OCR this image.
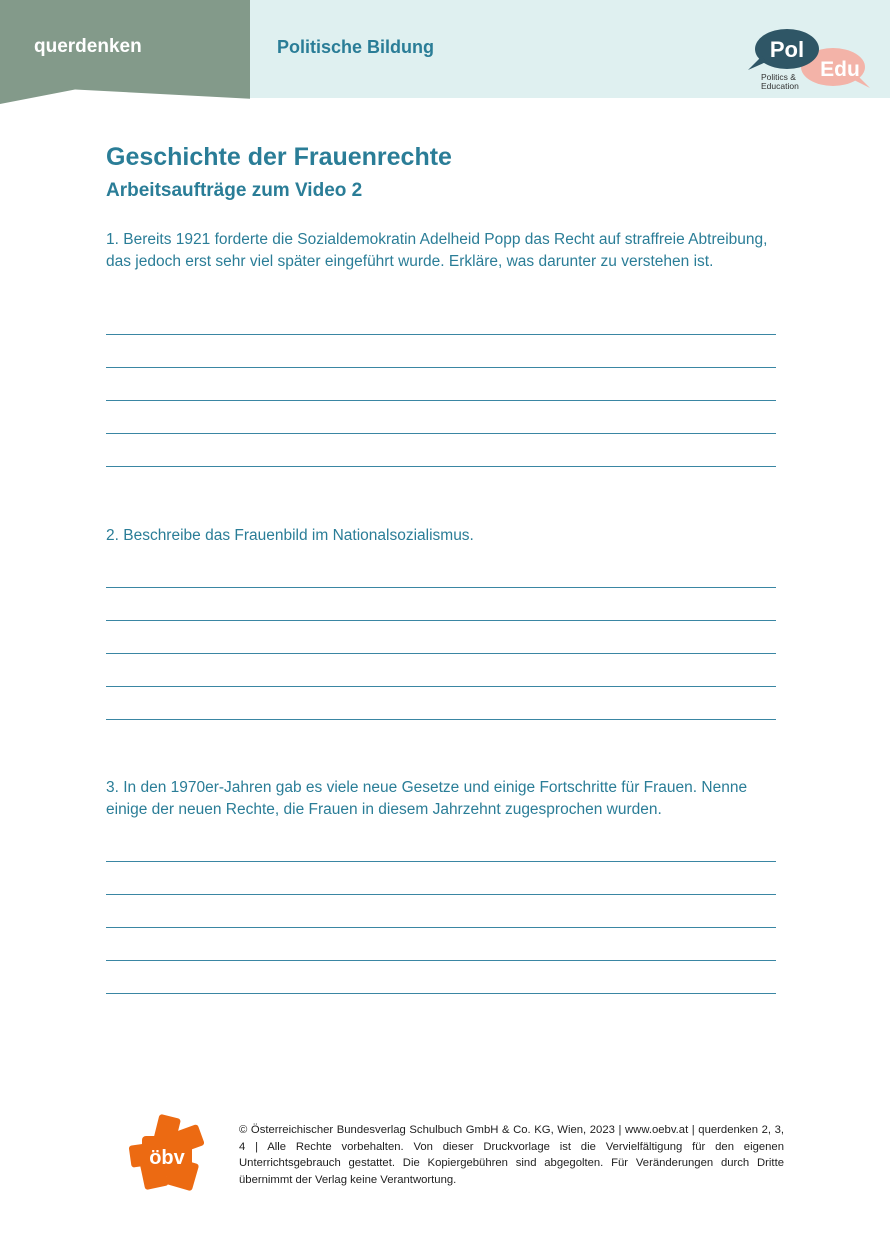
querdenken	Politische Bildung	Pol
Edu
Politics &
Education
Geschichte der Frauenrechte
Arbeitsaufträge zum Video 2
1. Bereits 1921 forderte die Sozialdemokratin Adelheid Popp das Recht auf straffreie Abtreibung, das jedoch erst sehr viel später eingeführt wurde. Erkläre, was darunter zu verstehen ist.
2. Beschreibe das Frauenbild im Nationalsozialismus.
3. In den 1970er-Jahren gab es viele neue Gesetze und einige Fortschritte für Frauen. Nenne einige der neuen Rechte, die Frauen in diesem Jahrzehnt zugesprochen wurden.
öbv
© Österreichischer Bundesverlag Schulbuch GmbH & Co. KG, Wien, 2023 | www.oebv.at | querdenken 2, 3, 4 | Alle Rechte vorbehalten. Von dieser Druckvorlage ist die Vervielfältigung für den eigenen Unterrichtsgebrauch gestattet. Die Kopiergebühren sind abgegolten. Für Veränderungen durch Dritte übernimmt der Verlag keine Verantwortung.
